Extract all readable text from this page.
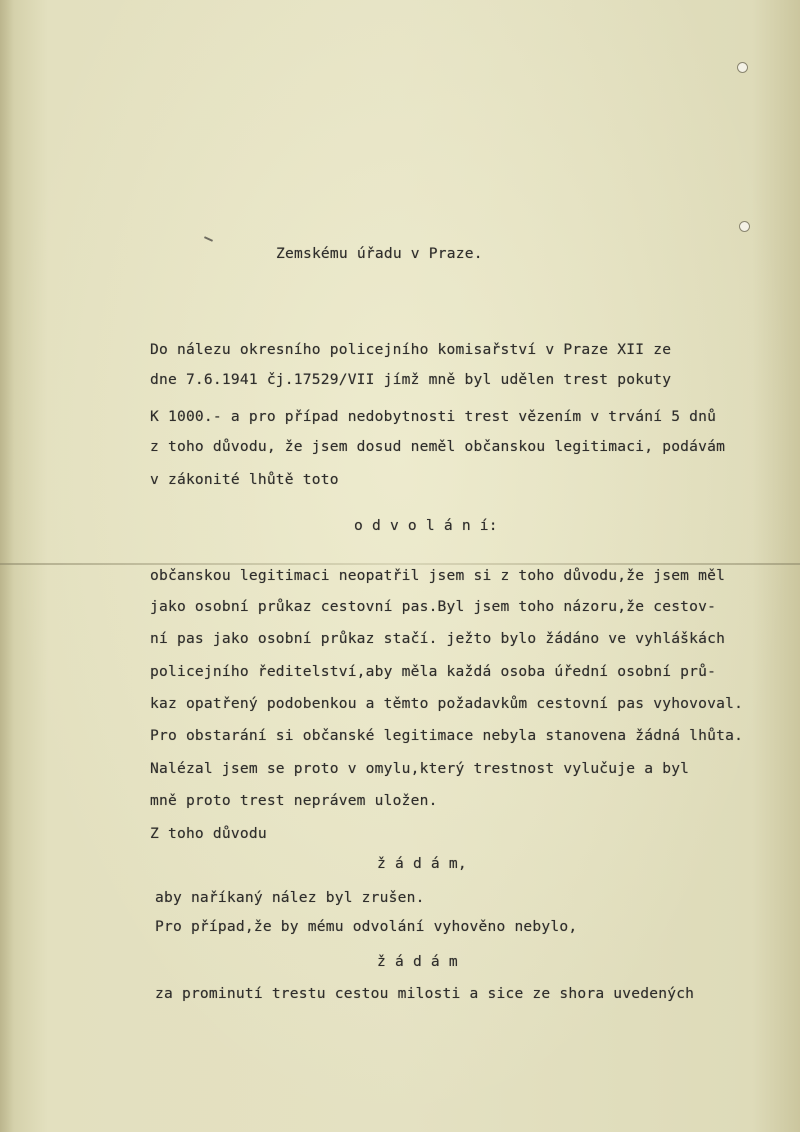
Zemskému úřadu v Praze.
Do nálezu okresního policejního komisařství v Praze XII ze
dne 7.6.1941 čj.17529/VII jímž mně byl udělen trest pokuty
K 1000.- a pro případ nedobytnosti trest vězením v trvání 5 dnů
z toho důvodu, že jsem dosud neměl občanskou legitimaci, podávám
v zákonité lhůtě toto
o d v o l á n í:
občanskou legitimaci neopatřil jsem si z toho důvodu,že jsem měl
jako osobní průkaz cestovní pas.Byl jsem toho názoru,že cestov-
ní pas jako osobní průkaz stačí. ježto bylo žádáno ve vyhláškách
policejního ředitelství,aby měla každá osoba úřední osobní prů-
kaz opatřený podobenkou a těmto požadavkům cestovní pas vyhovoval.
Pro obstarání si občanské legitimace nebyla stanovena žádná lhůta.
Nalézal jsem se proto v omylu,který trestnost vylučuje a byl
mně proto trest neprávem uložen.
Z toho důvodu
ž á d á m,
aby naříkaný nález byl zrušen.
Pro případ,že by mému odvolání vyhověno nebylo,
ž á d á m
za prominutí trestu cestou milosti a sice ze shora uvedených
